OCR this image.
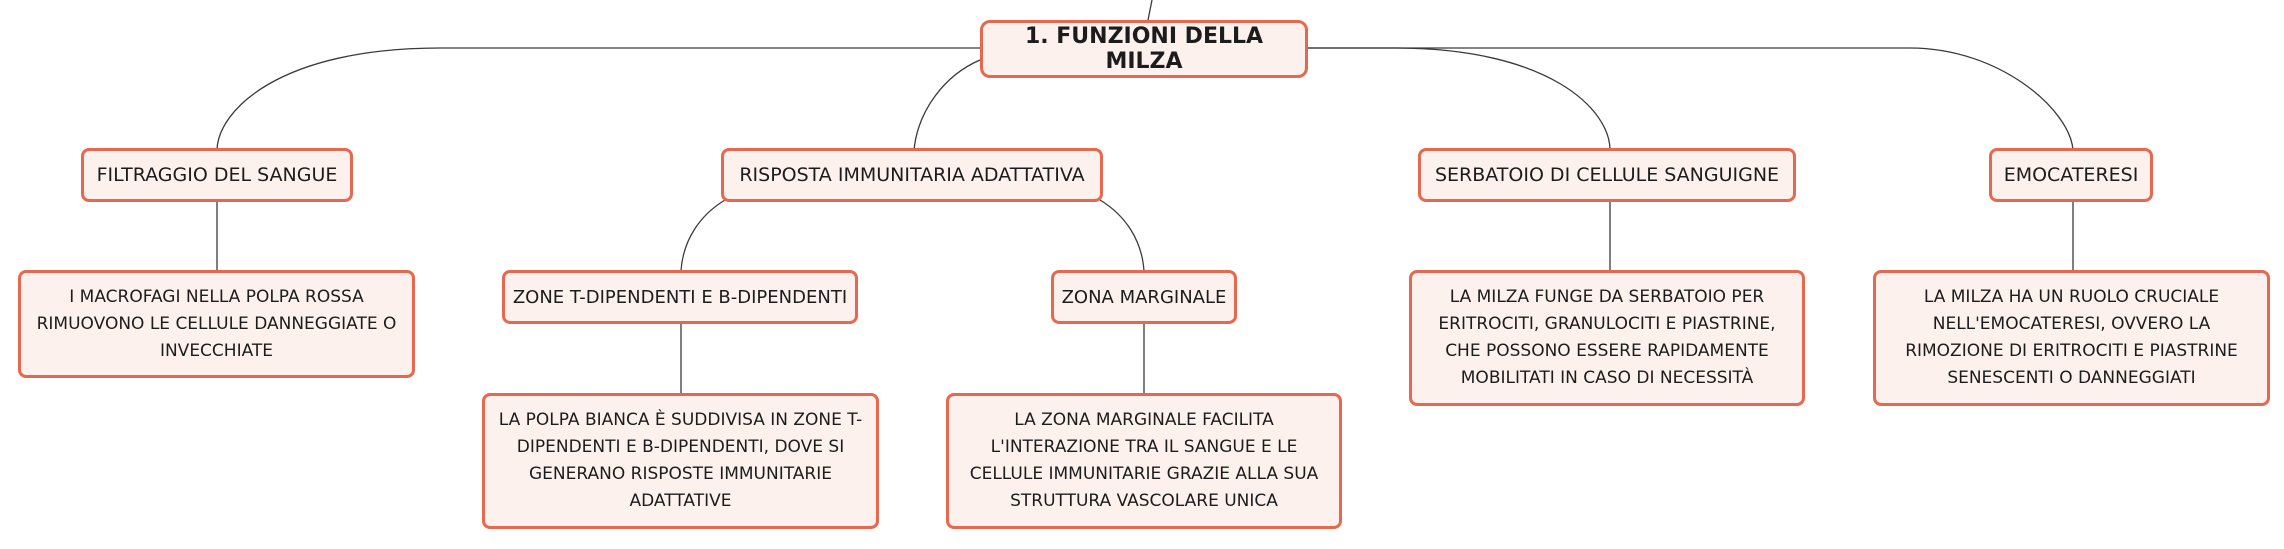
1. FUNZIONI DELLA MILZA
FILTRAGGIO DEL SANGUE	RISPOSTA IMMUNITARIA ADATTATIVA	SERBATOIO DI CELLULE SANGUIGNE	EMOCATERESI
ZONE T-DIPENDENTI E B-DIPENDENTI	ZONA MARGINALE
I MACROFAGI NELLA POLPA ROSSA RIMUOVONO LE CELLULE DANNEGGIATE O INVECCHIATE
LA MILZA FUNGE DA SERBATOIO PER ERITROCITI, GRANULOCITI E PIASTRINE, CHE POSSONO ESSERE RAPIDAMENTE MOBILITATI IN CASO DI NECESSITÀ
LA MILZA HA UN RUOLO CRUCIALE NELL'EMOCATERESI, OVVERO LA RIMOZIONE DI ERITROCITI E PIASTRINE SENESCENTI O DANNEGGIATI
LA POLPA BIANCA È SUDDIVISA IN ZONE T-DIPENDENTI E B-DIPENDENTI, DOVE SI GENERANO RISPOSTE IMMUNITARIE ADATTATIVE
LA ZONA MARGINALE FACILITA L'INTERAZIONE TRA IL SANGUE E LE CELLULE IMMUNITARIE GRAZIE ALLA SUA STRUTTURA VASCOLARE UNICA
